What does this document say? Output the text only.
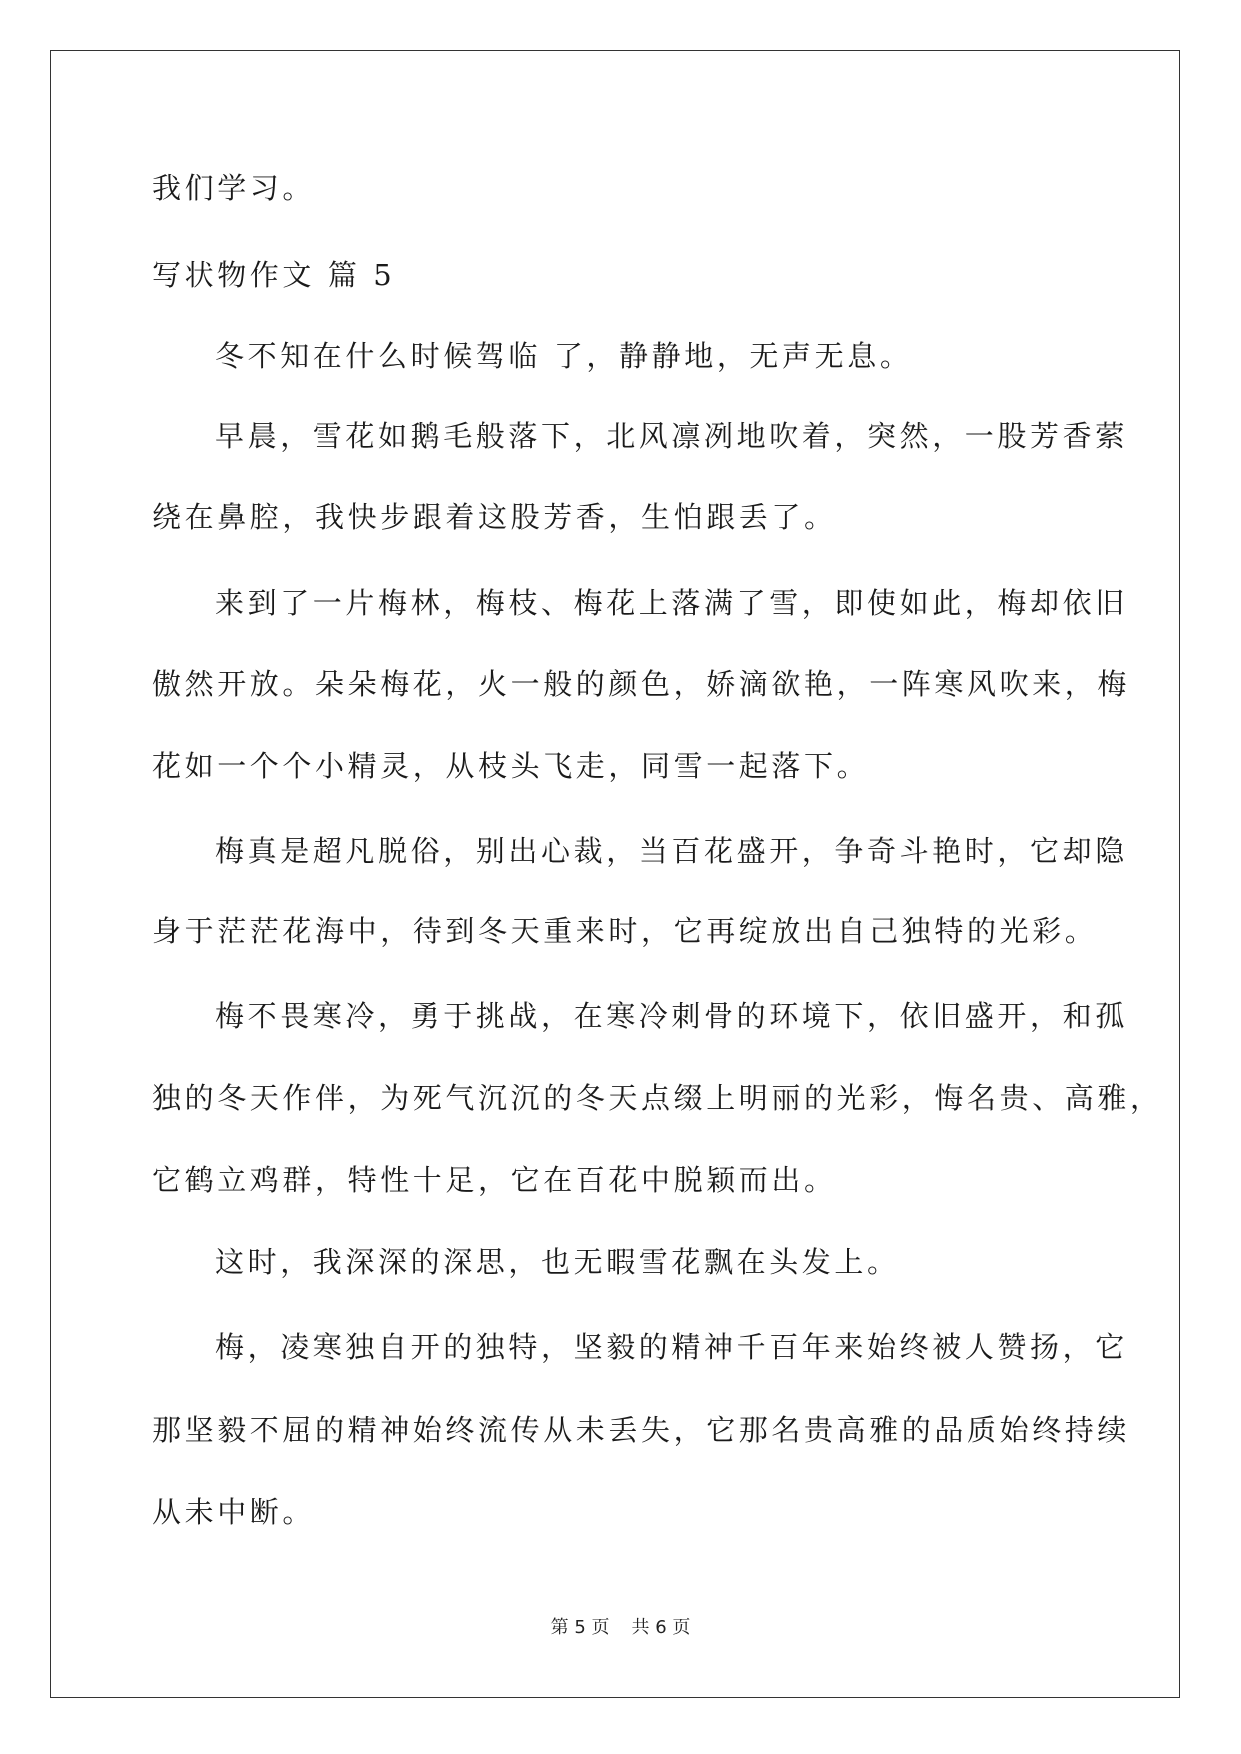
我们学习。
写状物作文 篇 5
冬不知在什么时候驾临 了，静静地，无声无息。
早晨，雪花如鹅毛般落下，北风凛冽地吹着，突然，一股芳香萦
绕在鼻腔，我快步跟着这股芳香，生怕跟丢了。
来到了一片梅林，梅枝、梅花上落满了雪，即使如此，梅却依旧
傲然开放。朵朵梅花，火一般的颜色，娇滴欲艳，一阵寒风吹来，梅
花如一个个小精灵，从枝头飞走，同雪一起落下。
梅真是超凡脱俗，别出心裁，当百花盛开，争奇斗艳时，它却隐
身于茫茫花海中，待到冬天重来时，它再绽放出自己独特的光彩。
梅不畏寒冷，勇于挑战，在寒冷刺骨的环境下，依旧盛开，和孤
独的冬天作伴，为死气沉沉的冬天点缀上明丽的光彩，悔名贵、高雅，
它鹤立鸡群，特性十足，它在百花中脱颖而出。
这时，我深深的深思，也无暇雪花飘在头发上。
梅，凌寒独自开的独特，坚毅的精神千百年来始终被人赞扬，它
那坚毅不屈的精神始终流传从未丢失，它那名贵高雅的品质始终持续
从未中断。
第 5 页 共 6 页
